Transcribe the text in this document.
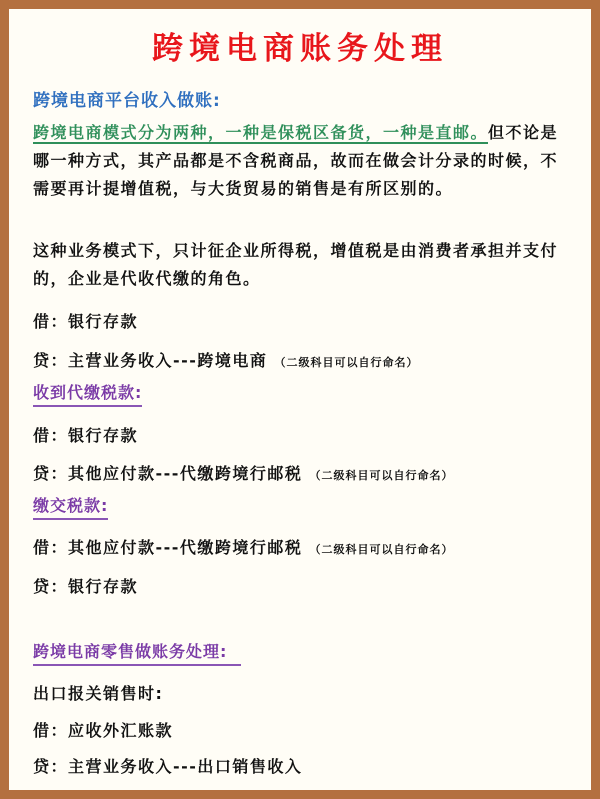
跨境电商账务处理
跨境电商平台收入做账:

跨境电商模式分为两种，一种是保税区备货，一种是直邮。但不论是哪一种方式，其产品都是不含税商品，故而在做会计分录的时候，不需要再计提增值税，与大货贸易的销售是有所区别的。

这种业务模式下，只计征企业所得税，增值税是由消费者承担并支付的，企业是代收代缴的角色。

借：银行存款
贷：主营业务收入---跨境电商 （二级科目可以自行命名）
收到代缴税款:
借：银行存款
贷：其他应付款---代缴跨境行邮税 （二级科目可以自行命名）
缴交税款:
借：其他应付款---代缴跨境行邮税 （二级科目可以自行命名）
贷：银行存款
跨境电商零售做账务处理:
出口报关销售时:
借：应收外汇账款
贷：主营业务收入---出口销售收入
